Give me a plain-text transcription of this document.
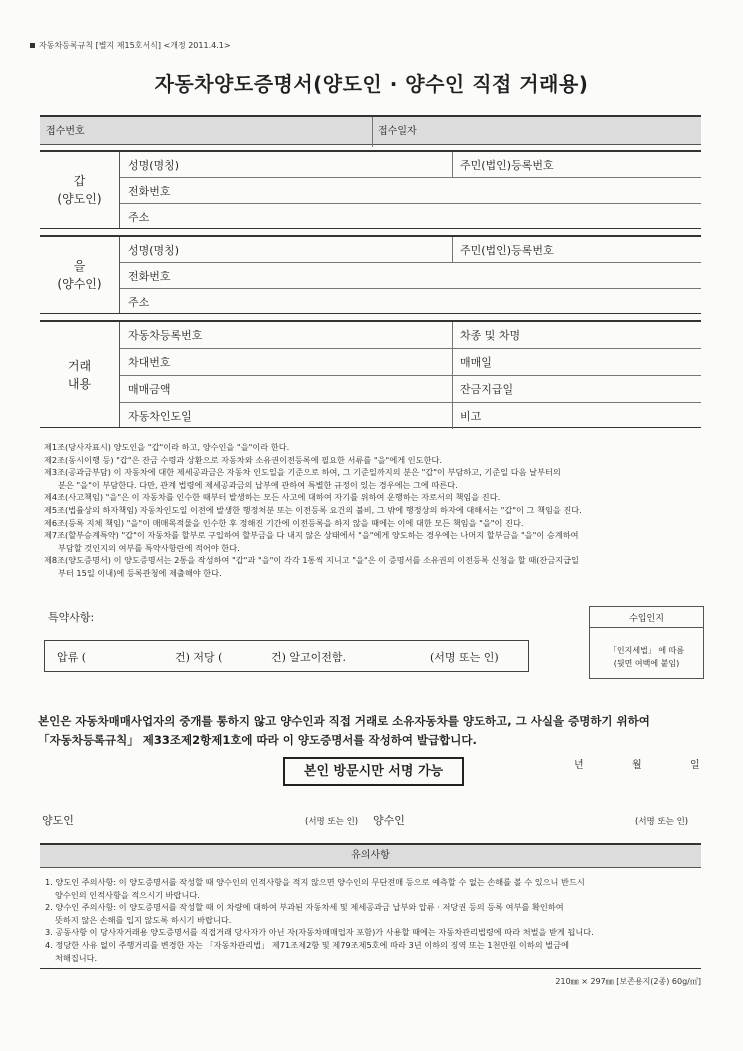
자동차등록규칙 [별지 제15호서식] <개정 2011.4.1>
자동차양도증명서(양도인 · 양수인 직접 거래용)
접수번호	접수일자
갑
(양도인)
성명(명칭)	주민(법인)등록번호
전화번호
주소
을
(양수인)
성명(명칭)	주민(법인)등록번호
전화번호
주소
거래
내용
자동차등록번호	차종 및 차명
차대번호	매매일
매매금액	잔금지급일
자동차인도일	비고

제1조(당사자표시) 양도인을 "갑"이라 하고, 양수인을 "을"이라 한다.

제2조(동시이행 등) "갑"은 잔금 수령과 상환으로 자동차와 소유권이전등록에 필요한 서류를 "을"에게 인도한다.

제3조(공과금부담) 이 자동차에 대한 제세공과금은 자동차 인도일을 기준으로 하여, 그 기준일까지의 분은 "갑"이 부담하고, 기준일 다음 날부터의

분은 "을"이 부담한다. 다만, 관계 법령에 제세공과금의 납부에 관하여 특별한 규정이 있는 경우에는 그에 따른다.

제4조(사고책임) "을"은 이 자동차를 인수한 때부터 발생하는 모든 사고에 대하여 자기를 위하여 운행하는 자로서의 책임을 진다.

제5조(법률상의 하자책임) 자동차인도일 이전에 발생한 행정처분 또는 이전등록 요건의 불비, 그 밖에 행정상의 하자에 대해서는 "갑"이 그 책임을 진다.

제6조(등록 지체 책임) "을"이 매매목적물을 인수한 후 정해진 기간에 이전등록을 하지 않을 때에는 이에 대한 모든 책임을 "을"이 진다.

제7조(할부승계특약) "갑"이 자동차를 할부로 구입하여 할부금을 다 내지 않은 상태에서 "을"에게 양도하는 경우에는 나머지 할부금을 "을"이 승계하여

부담할 것인지의 여부를 특약사항란에 적어야 한다.

제8조(양도증명서) 이 양도증명서는 2통을 작성하여 "갑"과 "을"이 각각 1통씩 지니고 "을"은 이 증명서를 소유권의 이전등록 신청을 할 때(잔금지급일

부터 15일 이내)에 등록관청에 제출해야 한다.

특약사항:
압류 (	건) 저당 (	건) 알고이전함.	(서명 또는 인)
수입인지
「인지세법」 에 따름
(뒷면 여백에 붙임)
본인은 자동차매매사업자의 중개를 통하지 않고 양수인과 직접 거래로 소유자동차를 양도하고, 그 사실을 증명하기 위하여
「자동차등록규칙」 제33조제2항제1호에 따라 이 양도증명서를 작성하여 발급합니다.
본인 방문시만 서명 가능	년	월	일
양도인	(서명 또는 인) 양수인	(서명 또는 인)
유의사항

1. 양도인 주의사항: 이 양도증명서를 작성할 때 양수인의 인적사항을 적지 않으면 양수인의 무단전매 등으로 예측할 수 없는 손해를 볼 수 있으니 반드시

양수인의 인적사항을 적으시기 바랍니다.

2. 양수인 주의사항: 이 양도증명서를 작성할 때 이 차량에 대하여 부과된 자동차세 및 제세공과금 납부와 압류 · 저당권 등의 등록 여부를 확인하여

뜻하지 않은 손해를 입지 않도록 하시기 바랍니다.

3. 공동사항 이 당사자거래용 양도증명서를 직접거래 당사자가 아닌 자(자동차매매업자 포함)가 사용할 때에는 자동차관리법령에 따라 처벌을 받게 됩니다.

4. 정당한 사유 없이 주행거리를 변경한 자는 「자동차관리법」 제71조제2항 및 제79조제5호에 따라 3년 이하의 징역 또는 1천만원 이하의 벌금에

처해집니다.

210㎜ × 297㎜ [보존용지(2종) 60g/㎡]
